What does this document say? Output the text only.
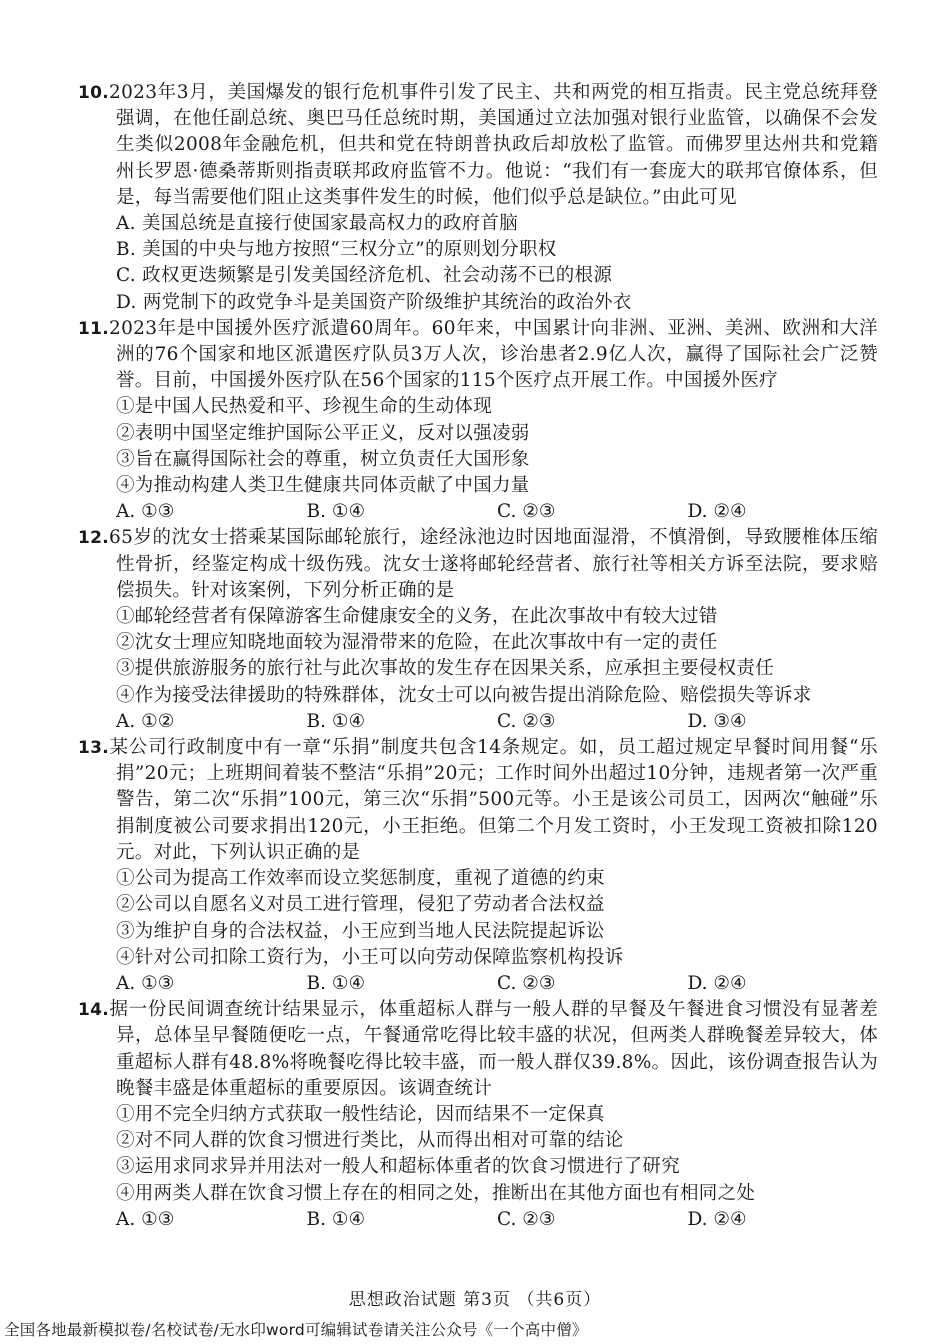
10.2023年3月，美国爆发的银行危机事件引发了民主、共和两党的相互指责。民主党总统拜登强调，在他任副总统、奥巴马任总统时期，美国通过立法加强对银行业监管，以确保不会发生类似2008年金融危机，但共和党在特朗普执政后却放松了监管。而佛罗里达州共和党籍州长罗恩·德桑蒂斯则指责联邦政府监管不力。他说：“我们有一套庞大的联邦官僚体系，但是，每当需要他们阻止这类事件发生的时候，他们似乎总是缺位。”由此可见
A. 美国总统是直接行使国家最高权力的政府首脑
B. 美国的中央与地方按照“三权分立”的原则划分职权
C. 政权更迭频繁是引发美国经济危机、社会动荡不已的根源
D. 两党制下的政党争斗是美国资产阶级维护其统治的政治外衣
11.2023年是中国援外医疗派遣60周年。60年来，中国累计向非洲、亚洲、美洲、欧洲和大洋洲的76个国家和地区派遣医疗队员3万人次，诊治患者2.9亿人次，赢得了国际社会广泛赞誉。目前，中国援外医疗队在56个国家的115个医疗点开展工作。中国援外医疗
①是中国人民热爱和平、珍视生命的生动体现
②表明中国坚定维护国际公平正义，反对以强凌弱
③旨在赢得国际社会的尊重，树立负责任大国形象
④为推动构建人类卫生健康共同体贡献了中国力量
A. ①③	B. ①④	C. ②③	D. ②④
12.65岁的沈女士搭乘某国际邮轮旅行，途经泳池边时因地面湿滑，不慎滑倒，导致腰椎体压缩性骨折，经鉴定构成十级伤残。沈女士遂将邮轮经营者、旅行社等相关方诉至法院，要求赔偿损失。针对该案例，下列分析正确的是
①邮轮经营者有保障游客生命健康安全的义务，在此次事故中有较大过错
②沈女士理应知晓地面较为湿滑带来的危险，在此次事故中有一定的责任
③提供旅游服务的旅行社与此次事故的发生存在因果关系，应承担主要侵权责任
④作为接受法律援助的特殊群体，沈女士可以向被告提出消除危险、赔偿损失等诉求
A. ①②	B. ①④	C. ②③	D. ③④
13.某公司行政制度中有一章“乐捐”制度共包含14条规定。如，员工超过规定早餐时间用餐“乐捐”20元；上班期间着装不整洁“乐捐”20元；工作时间外出超过10分钟，违规者第一次严重警告，第二次“乐捐”100元，第三次“乐捐”500元等。小王是该公司员工，因两次“触碰”乐捐制度被公司要求捐出120元，小王拒绝。但第二个月发工资时，小王发现工资被扣除120元。对此，下列认识正确的是
①公司为提高工作效率而设立奖惩制度，重视了道德的约束
②公司以自愿名义对员工进行管理，侵犯了劳动者合法权益
③为维护自身的合法权益，小王应到当地人民法院提起诉讼
④针对公司扣除工资行为，小王可以向劳动保障监察机构投诉
A. ①③	B. ①④	C. ②③	D. ②④
14.据一份民间调查统计结果显示，体重超标人群与一般人群的早餐及午餐进食习惯没有显著差异，总体呈早餐随便吃一点，午餐通常吃得比较丰盛的状况，但两类人群晚餐差异较大，体重超标人群有48.8%将晚餐吃得比较丰盛，而一般人群仅39.8%。因此，该份调查报告认为晚餐丰盛是体重超标的重要原因。该调查统计
①用不完全归纳方式获取一般性结论，因而结果不一定保真
②对不同人群的饮食习惯进行类比，从而得出相对可靠的结论
③运用求同求异并用法对一般人和超标体重者的饮食习惯进行了研究
④用两类人群在饮食习惯上存在的相同之处，推断出在其他方面也有相同之处
A. ①③	B. ①④	C. ②③	D. ②④
思想政治试题 第3页 （共6页）
全国各地最新模拟卷/名校试卷/无水印word可编辑试卷请关注公众号《一个高中僧》
